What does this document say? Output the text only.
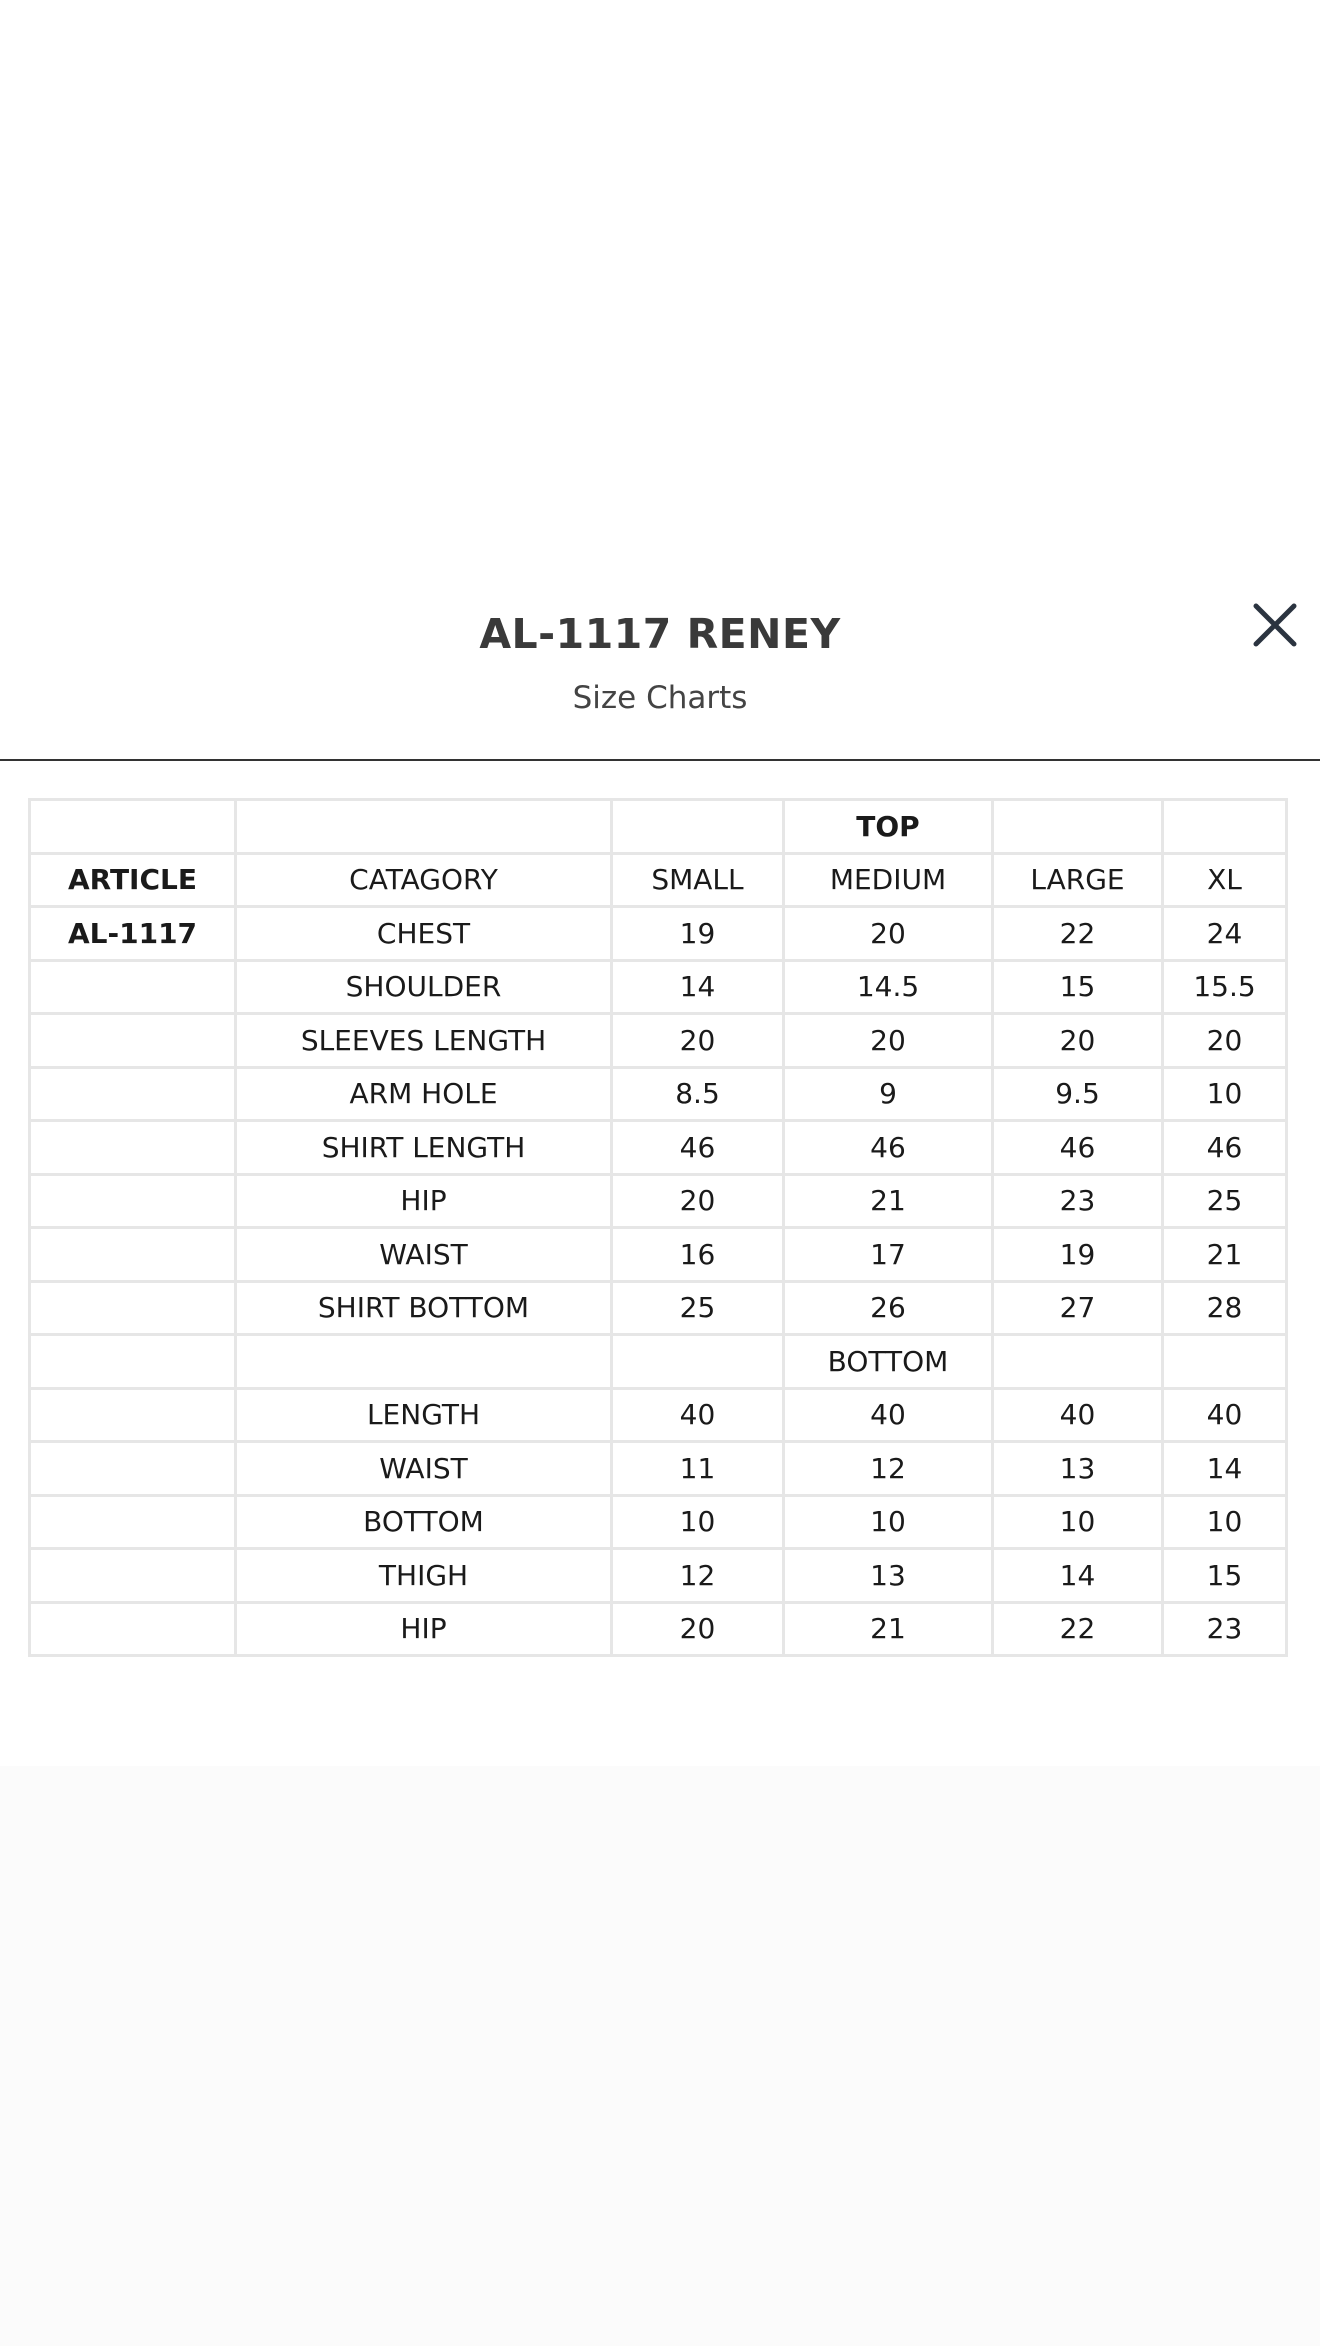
AL-1117 RENEY
Size Charts
			TOP		
ARTICLE	CATAGORY	SMALL	MEDIUM	LARGE	XL
AL-1117	CHEST	19	20	22	24
	SHOULDER	14	14.5	15	15.5
	SLEEVES LENGTH	20	20	20	20
	ARM HOLE	8.5	9	9.5	10
	SHIRT LENGTH	46	46	46	46
	HIP	20	21	23	25
	WAIST	16	17	19	21
	SHIRT BOTTOM	25	26	27	28
			BOTTOM		
	LENGTH	40	40	40	40
	WAIST	11	12	13	14
	BOTTOM	10	10	10	10
	THIGH	12	13	14	15
	HIP	20	21	22	23
